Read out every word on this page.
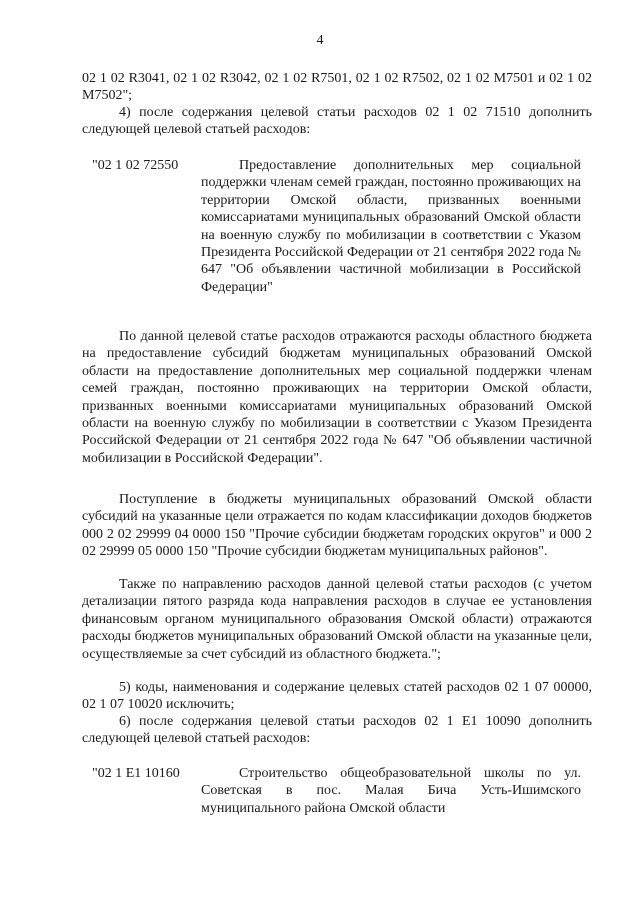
4

02 1 02 R3041, 02 1 02 R3042, 02 1 02 R7501, 02 1 02 R7502, 02 1 02 M7501 и 02 1 02 M7502";

4) после содержания целевой статьи расходов 02 1 02 71510 дополнить следующей целевой статьей расходов:

"02 1 02 72550	Предоставление дополнительных мер социальной поддержки членам семей граждан, постоянно проживающих на территории Омской области, призванных военными комиссариатами муниципальных образований Омской области на военную службу по мобилизации в соответствии с Указом Президента Российской Федерации от 21 сентября 2022 года № 647 "Об объявлении частичной мобилизации в Российской Федерации"

По данной целевой статье расходов отражаются расходы областного бюджета на предоставление субсидий бюджетам муниципальных образований Омской области на предоставление дополнительных мер социальной поддержки членам семей граждан, постоянно проживающих на территории Омской области, призванных военными комиссариатами муниципальных образований Омской области на военную службу по мобилизации в соответствии с Указом Президента Российской Федерации от 21 сентября 2022 года № 647 "Об объявлении частичной мобилизации в Российской Федерации".

Поступление в бюджеты муниципальных образований Омской области субсидий на указанные цели отражается по кодам классификации доходов бюджетов 000 2 02 29999 04 0000 150 "Прочие субсидии бюджетам городских округов" и 000 2 02 29999 05 0000 150 "Прочие субсидии бюджетам муниципальных районов".

Также по направлению расходов данной целевой статьи расходов (с учетом детализации пятого разряда кода направления расходов в случае ее установления финансовым органом муниципального образования Омской области) отражаются расходы бюджетов муниципальных образований Омской области на указанные цели, осуществляемые за счет субсидий из областного бюджета.";

5) коды, наименования и содержание целевых статей расходов 02 1 07 00000, 02 1 07 10020 исключить;

6) после содержания целевой статьи расходов 02 1 E1 10090 дополнить следующей целевой статьей расходов:

"02 1 E1 10160	Строительство общеобразовательной школы по ул. Советская в пос. Малая Бича Усть-Ишимского муниципального района Омской области
